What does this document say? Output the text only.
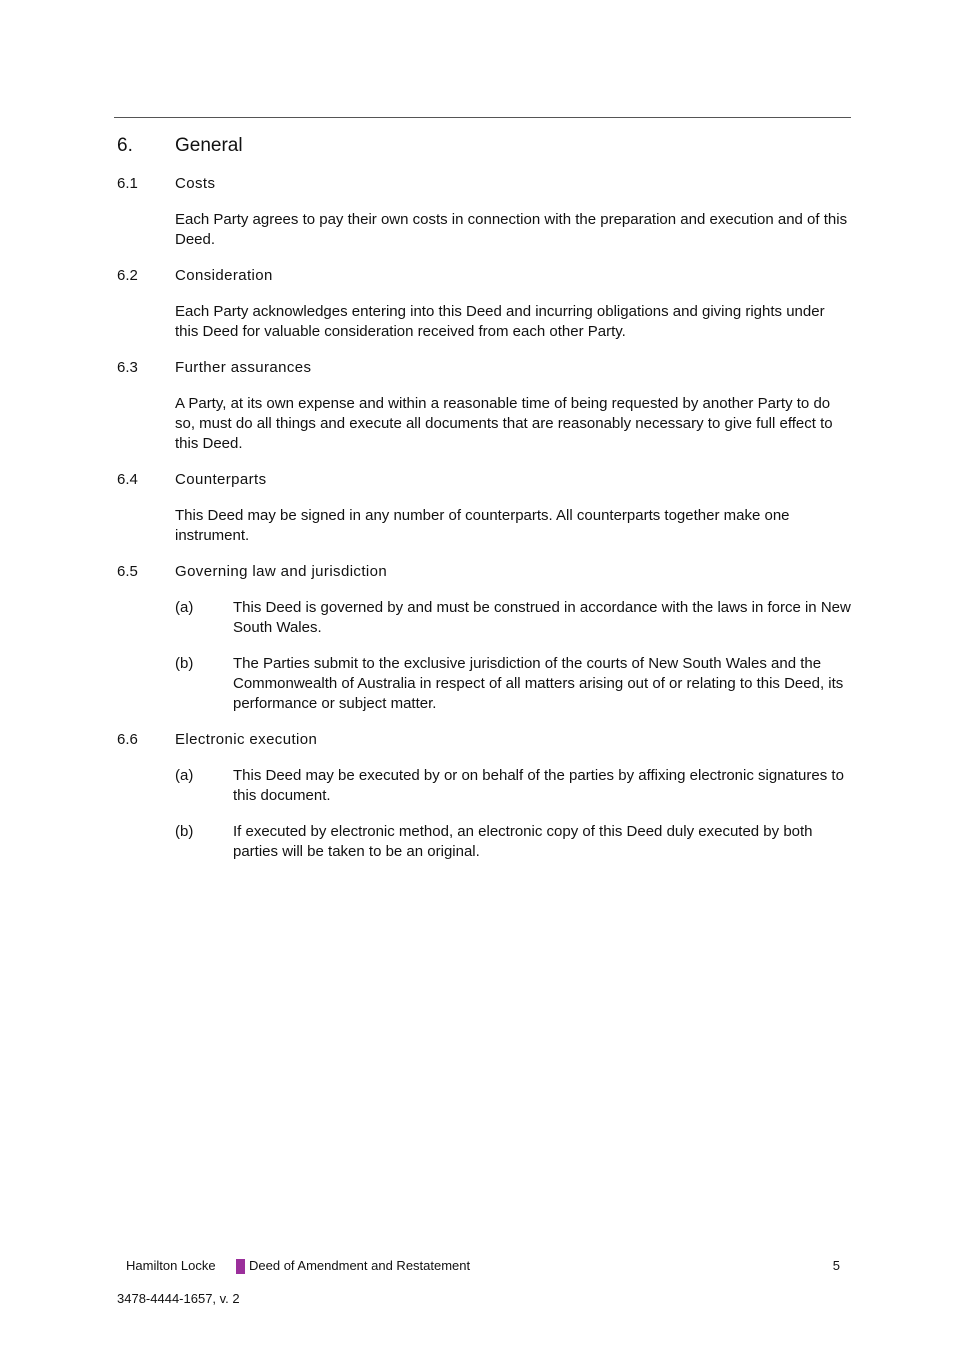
6.	General
6.1	Costs
Each Party agrees to pay their own costs in connection with the preparation and execution and of this Deed.
6.2	Consideration
Each Party acknowledges entering into this Deed and incurring obligations and giving rights under this Deed for valuable consideration received from each other Party.
6.3	Further assurances
A Party, at its own expense and within a reasonable time of being requested by another Party to do so, must do all things and execute all documents that are reasonably necessary to give full effect to this Deed.
6.4	Counterparts
This Deed may be signed in any number of counterparts. All counterparts together make one instrument.
6.5	Governing law and jurisdiction
(a)	This Deed is governed by and must be construed in accordance with the laws in force in New South Wales.
(b)	The Parties submit to the exclusive jurisdiction of the courts of New South Wales and the Commonwealth of Australia in respect of all matters arising out of or relating to this Deed, its performance or subject matter.
6.6	Electronic execution
(a)	This Deed may be executed by or on behalf of the parties by affixing electronic signatures to this document.
(b)	If executed by electronic method, an electronic copy of this Deed duly executed by both parties will be taken to be an original.
Hamilton Locke	Deed of Amendment and Restatement	5
3478-4444-1657, v. 2
